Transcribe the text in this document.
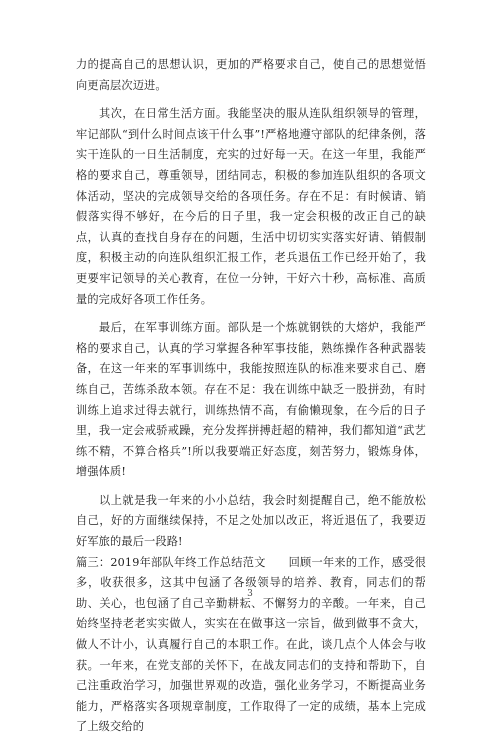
力的提高自己的思想认识，更加的严格要求自己，使自己的思想觉悟向更高层次迈进。

其次，在日常生活方面。我能坚决的服从连队组织领导的管理，牢记部队“到什么时间点该干什么事”!严格地遵守部队的纪律条例，落实干连队的一日生活制度，充实的过好每一天。在这一年里，我能严格的要求自己，尊重领导，团结同志，积极的参加连队组织的各项文体活动，坚决的完成领导交给的各项任务。存在不足：有时候请、销假落实得不够好，在今后的日子里，我一定会积极的改正自己的缺点，认真的查找自身存在的问题，生活中切切实实落实好请、销假制度，积极主动的向连队组织汇报工作，老兵退伍工作已经开始了，我更要牢记领导的关心教育，在位一分钟，干好六十秒，高标准、高质量的完成好各项工作任务。

最后，在军事训练方面。部队是一个炼就钢铁的大熔炉，我能严格的要求自己，认真的学习掌握各种军事技能，熟练操作各种武器装备，在这一年来的军事训练中，我能按照连队的标准来要求自己、磨练自己，苦练杀敌本领。存在不足：我在训练中缺乏一股拼劲，有时训练上追求过得去就行，训练热情不高，有偷懒现象，在今后的日子里，我一定会戒骄戒躁，充分发挥拼搏赶超的精神，我们都知道“武艺练不精，不算合格兵”!所以我要端正好态度，刻苦努力，锻炼身体，增强体质!

以上就是我一年来的小小总结，我会时刻提醒自己，绝不能放松自己，好的方面继续保持，不足之处加以改正，将近退伍了，我要迈好军旅的最后一段路!

篇三：2019年部队年终工作总结范文　　回顾一年来的工作，感受很多，收获很多，这其中包涵了各级领导的培养、教育，同志们的帮助、关心，也包涵了自己辛勤耕耘、不懈努力的辛酸。一年来，自己始终坚持老老实实做人，实实在在做事这一宗旨，做到做事不贪大，做人不计小，认真履行自己的本职工作。在此，谈几点个人体会与收获。一年来，在党支部的关怀下，在战友同志们的支持和帮助下，自己注重政治学习，加强世界观的改造，强化业务学习，不断提高业务能力，严格落实各项规章制度，工作取得了一定的成绩，基本上完成了上级交给的

3
